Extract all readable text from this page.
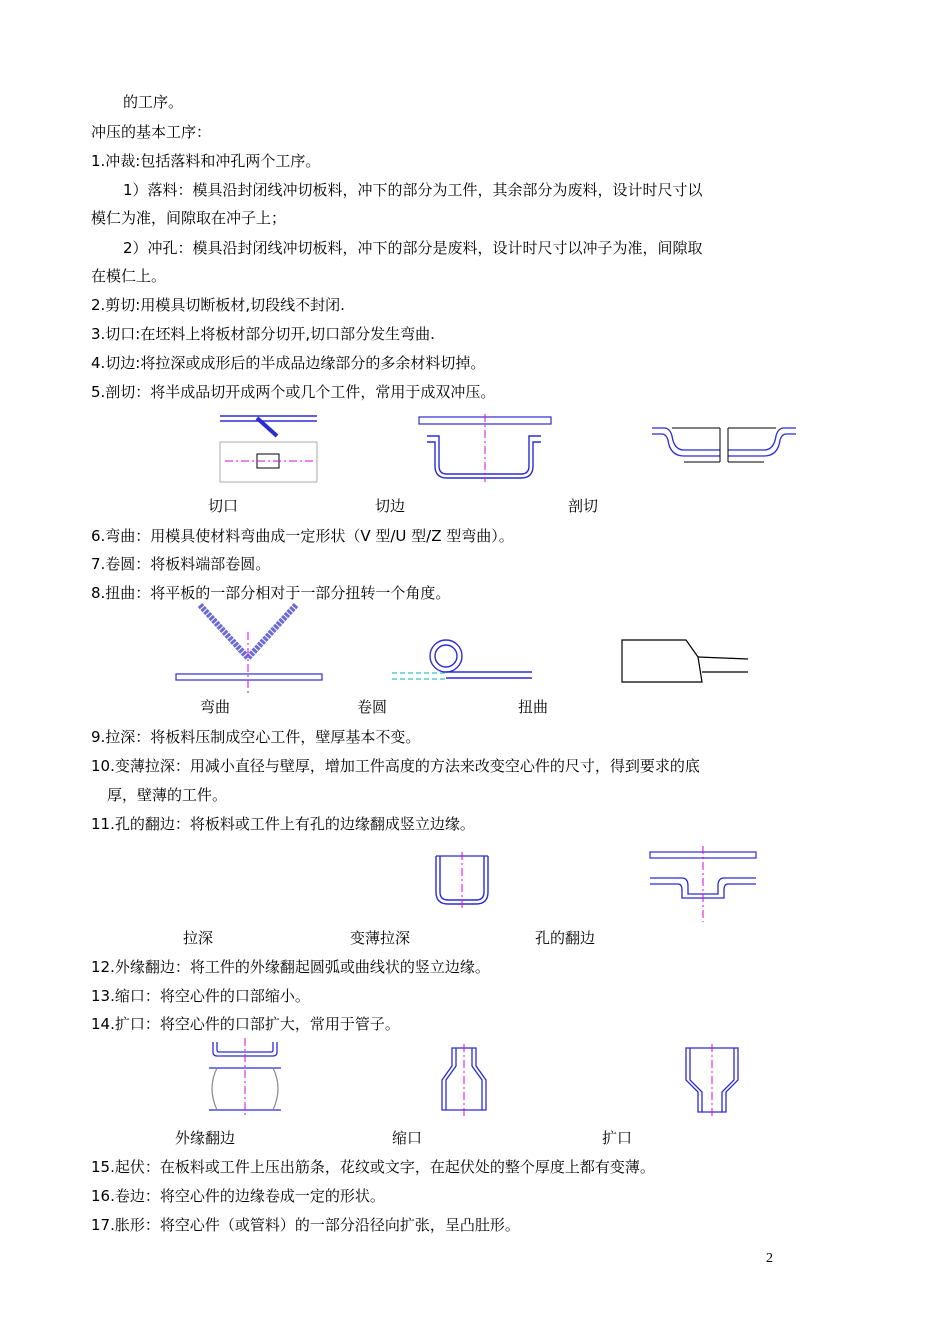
的工序。
冲压的基本工序：
1.冲裁:包括落料和冲孔两个工序。
1）落料：模具沿封闭线冲切板料，冲下的部分为工件，其余部分为废料，设计时尺寸以
模仁为准，间隙取在冲子上；
2）冲孔：模具沿封闭线冲切板料，冲下的部分是废料，设计时尺寸以冲子为准，间隙取
在模仁上。
2.剪切:用模具切断板材,切段线不封闭.
3.切口:在坯料上将板材部分切开,切口部分发生弯曲.
4.切边:将拉深或成形后的半成品边缘部分的多余材料切掉。
5.剖切：将半成品切开成两个或几个工件，常用于成双冲压。
切口	切边	剖切
6.弯曲：用模具使材料弯曲成一定形状（V 型/U 型/Z 型弯曲）。
7.卷圆：将板料端部卷圆。
8.扭曲：将平板的一部分相对于一部分扭转一个角度。
弯曲	卷圆	扭曲
9.拉深：将板料压制成空心工件，壁厚基本不变。
10.变薄拉深：用减小直径与壁厚，增加工件高度的方法来改变空心件的尺寸，得到要求的底
厚，壁薄的工件。
11.孔的翻边：将板料或工件上有孔的边缘翻成竖立边缘。
拉深	变薄拉深	孔的翻边
12.外缘翻边：将工件的外缘翻起圆弧或曲线状的竖立边缘。
13.缩口：将空心件的口部缩小。
14.扩口：将空心件的口部扩大，常用于管子。
外缘翻边	缩口	扩口
15.起伏：在板料或工件上压出筋条，花纹或文字，在起伏处的整个厚度上都有变薄。
16.卷边：将空心件的边缘卷成一定的形状。
17.胀形：将空心件（或管料）的一部分沿径向扩张，呈凸肚形。
2
